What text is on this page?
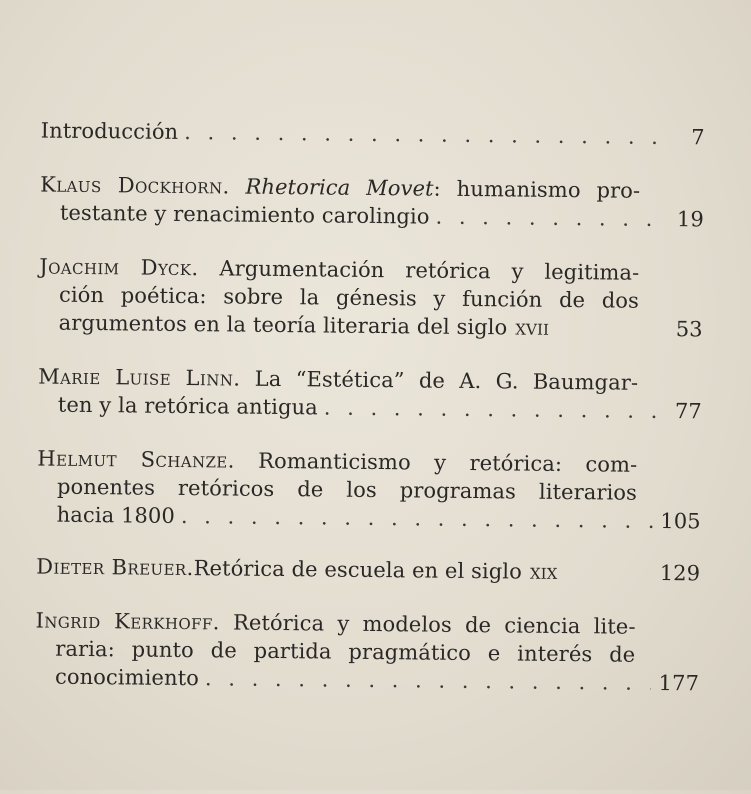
Introducción . . .	7
Klaus Dockhorn. Rhetorica Movet: humanismo pro-
testante y renacimiento carolingio . . .	19
Joachim Dyck. Argumentación retórica y legitima-
ción poética: sobre la génesis y función de dos
argumentos en la teoría literaria del siglo xvii	53
Marie Luise Linn. La “Estética” de A. G. Baumgar-
ten y la retórica antigua . . .	77
Helmut Schanze. Romanticismo y retórica: com-
ponentes retóricos de los programas literarios
hacia 1800 . . .	105
Dieter Breuer. Retórica de escuela en el siglo xix	129
Ingrid Kerkhoff. Retórica y modelos de ciencia lite-
raria: punto de partida pragmático e interés de
conocimiento . . .	177
